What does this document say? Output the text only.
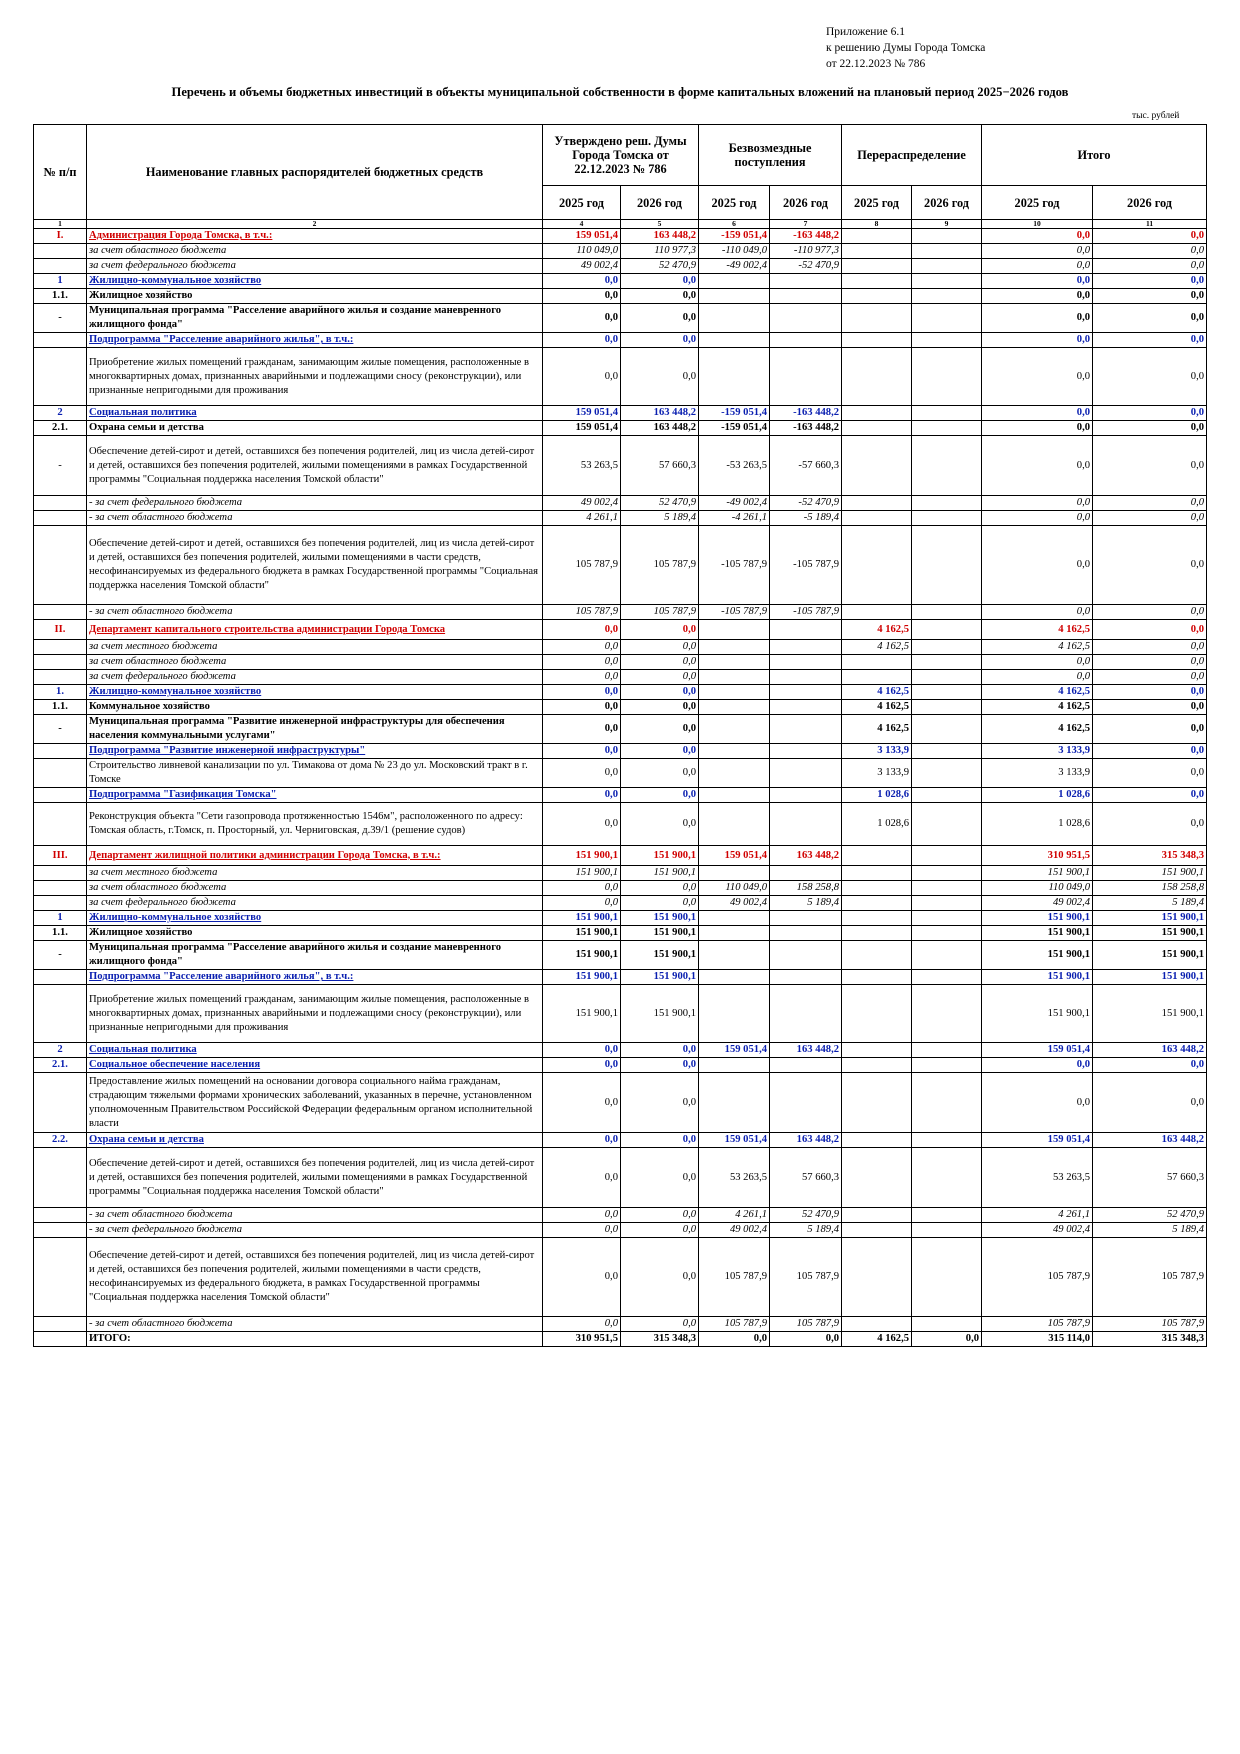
Приложение 6.1
к решению Думы Города Томска
от 22.12.2023 № 786
Перечень и объемы бюджетных инвестиций в объекты муниципальной собственности в форме капитальных вложений на плановый период 2025−2026 годов
тыс. рублей
№ п/п	Наименование главных распорядителей бюджетных средств	Утверждено реш. Думы Города Томска от 22.12.2023 № 786		Безвозмездные поступления		Перераспределение		Итого	
		2025 год	2026 год	2025 год	2026 год	2025 год	2026 год	2025 год	2026 год
1	2	4	5	6	7	8	9	10	11
I.	Администрация Города Томска, в т.ч.:	159 051,4	163 448,2	-159 051,4	-163 448,2			0,0	0,0
	за счет областного бюджета	110 049,0	110 977,3	-110 049,0	-110 977,3			0,0	0,0
	за счет федерального бюджета	49 002,4	52 470,9	-49 002,4	-52 470,9			0,0	0,0
1	Жилищно-коммунальное хозяйство	0,0	0,0					0,0	0,0
1.1.	Жилищное хозяйство	0,0	0,0					0,0	0,0
-	Муниципальная программа "Расселение аварийного жилья и создание маневренного жилищного фонда"	0,0	0,0					0,0	0,0
	Подпрограмма "Расселение аварийного жилья", в т.ч.:	0,0	0,0					0,0	0,0
	Приобретение жилых помещений гражданам, занимающим жилые помещения, расположенные в многоквартирных домах, признанных аварийными и подлежащими сносу (реконструкции), или признанные непригодными для проживания	0,0	0,0					0,0	0,0
2	Социальная политика	159 051,4	163 448,2	-159 051,4	-163 448,2			0,0	0,0
2.1.	Охрана семьи и детства	159 051,4	163 448,2	-159 051,4	-163 448,2			0,0	0,0
-	Обеспечение детей-сирот и детей, оставшихся без попечения родителей, лиц из числа детей-сирот и детей, оставшихся без попечения родителей, жилыми помещениями в рамках Государственной программы "Социальная поддержка населения Томской области"	53 263,5	57 660,3	-53 263,5	-57 660,3			0,0	0,0
	- за счет федерального бюджета	49 002,4	52 470,9	-49 002,4	-52 470,9			0,0	0,0
	- за счет областного бюджета	4 261,1	5 189,4	-4 261,1	-5 189,4			0,0	0,0
	Обеспечение детей-сирот и детей, оставшихся без попечения родителей, лиц из числа детей-сирот и детей, оставшихся без попечения родителей, жилыми помещениями в части средств, несофинансируемых из федерального бюджета в рамках Государственной программы "Социальная поддержка населения Томской области"	105 787,9	105 787,9	-105 787,9	-105 787,9			0,0	0,0
	- за счет областного бюджета	105 787,9	105 787,9	-105 787,9	-105 787,9			0,0	0,0
II.	Департамент капитального строительства администрации Города Томска	0,0	0,0			4 162,5		4 162,5	0,0
	за счет местного бюджета	0,0	0,0			4 162,5		4 162,5	0,0
	за счет областного бюджета	0,0	0,0					0,0	0,0
	за счет федерального бюджета	0,0	0,0					0,0	0,0
1.	Жилищно-коммунальное хозяйство	0,0	0,0			4 162,5		4 162,5	0,0
1.1.	Коммунальное хозяйство	0,0	0,0			4 162,5		4 162,5	0,0
-	Муниципальная программа "Развитие инженерной инфраструктуры для обеспечения населения коммунальными услугами"	0,0	0,0			4 162,5		4 162,5	0,0
	Подпрограмма "Развитие инженерной инфраструктуры"	0,0	0,0			3 133,9		3 133,9	0,0
	Строительство ливневой канализации по ул. Тимакова от дома № 23 до ул. Московский тракт в г. Томске	0,0	0,0			3 133,9		3 133,9	0,0
	Подпрограмма "Газификация Томска"	0,0	0,0			1 028,6		1 028,6	0,0
	Реконструкция объекта "Сети газопровода протяженностью 1546м", расположенного по адресу: Томская область, г.Томск, п. Просторный, ул. Черниговская, д.39/1 (решение судов)	0,0	0,0			1 028,6		1 028,6	0,0
III.	Департамент жилищной политики администрации Города Томска, в т.ч.:	151 900,1	151 900,1	159 051,4	163 448,2			310 951,5	315 348,3
	за счет местного бюджета	151 900,1	151 900,1					151 900,1	151 900,1
	за счет областного бюджета	0,0	0,0	110 049,0	158 258,8			110 049,0	158 258,8
	за счет федерального бюджета	0,0	0,0	49 002,4	5 189,4			49 002,4	5 189,4
1	Жилищно-коммунальное хозяйство	151 900,1	151 900,1					151 900,1	151 900,1
1.1.	Жилищное хозяйство	151 900,1	151 900,1					151 900,1	151 900,1
-	Муниципальная программа "Расселение аварийного жилья и создание маневренного жилищного фонда"	151 900,1	151 900,1					151 900,1	151 900,1
	Подпрограмма "Расселение аварийного жилья", в т.ч.:	151 900,1	151 900,1					151 900,1	151 900,1
	Приобретение жилых помещений гражданам, занимающим жилые помещения, расположенные в многоквартирных домах, признанных аварийными и подлежащими сносу (реконструкции), или признанные непригодными для проживания	151 900,1	151 900,1					151 900,1	151 900,1
2	Социальная политика	0,0	0,0	159 051,4	163 448,2			159 051,4	163 448,2
2.1.	Социальное обеспечение населения	0,0	0,0					0,0	0,0
	Предоставление жилых помещений на основании договора социального найма гражданам, страдающим тяжелыми формами хронических заболеваний, указанных в перечне, установленном уполномоченным Правительством Российской Федерации федеральным органом исполнительной власти	0,0	0,0					0,0	0,0
2.2.	Охрана семьи и детства	0,0	0,0	159 051,4	163 448,2			159 051,4	163 448,2
	Обеспечение детей-сирот и детей, оставшихся без попечения родителей, лиц из числа детей-сирот и детей, оставшихся без попечения родителей, жилыми помещениями в рамках Государственной программы "Социальная поддержка населения Томской области"	0,0	0,0	53 263,5	57 660,3			53 263,5	57 660,3
	- за счет областного бюджета	0,0	0,0	4 261,1	52 470,9			4 261,1	52 470,9
	- за счет федерального бюджета	0,0	0,0	49 002,4	5 189,4			49 002,4	5 189,4
	Обеспечение детей-сирот и детей, оставшихся без попечения родителей, лиц из числа детей-сирот и детей, оставшихся без попечения родителей, жилыми помещениями в части средств, несофинансируемых из федерального бюджета, в рамках Государственной программы "Социальная поддержка населения Томской области"	0,0	0,0	105 787,9	105 787,9			105 787,9	105 787,9
	- за счет областного бюджета	0,0	0,0	105 787,9	105 787,9			105 787,9	105 787,9
	ИТОГО:	310 951,5	315 348,3	0,0	0,0	4 162,5	0,0	315 114,0	315 348,3
